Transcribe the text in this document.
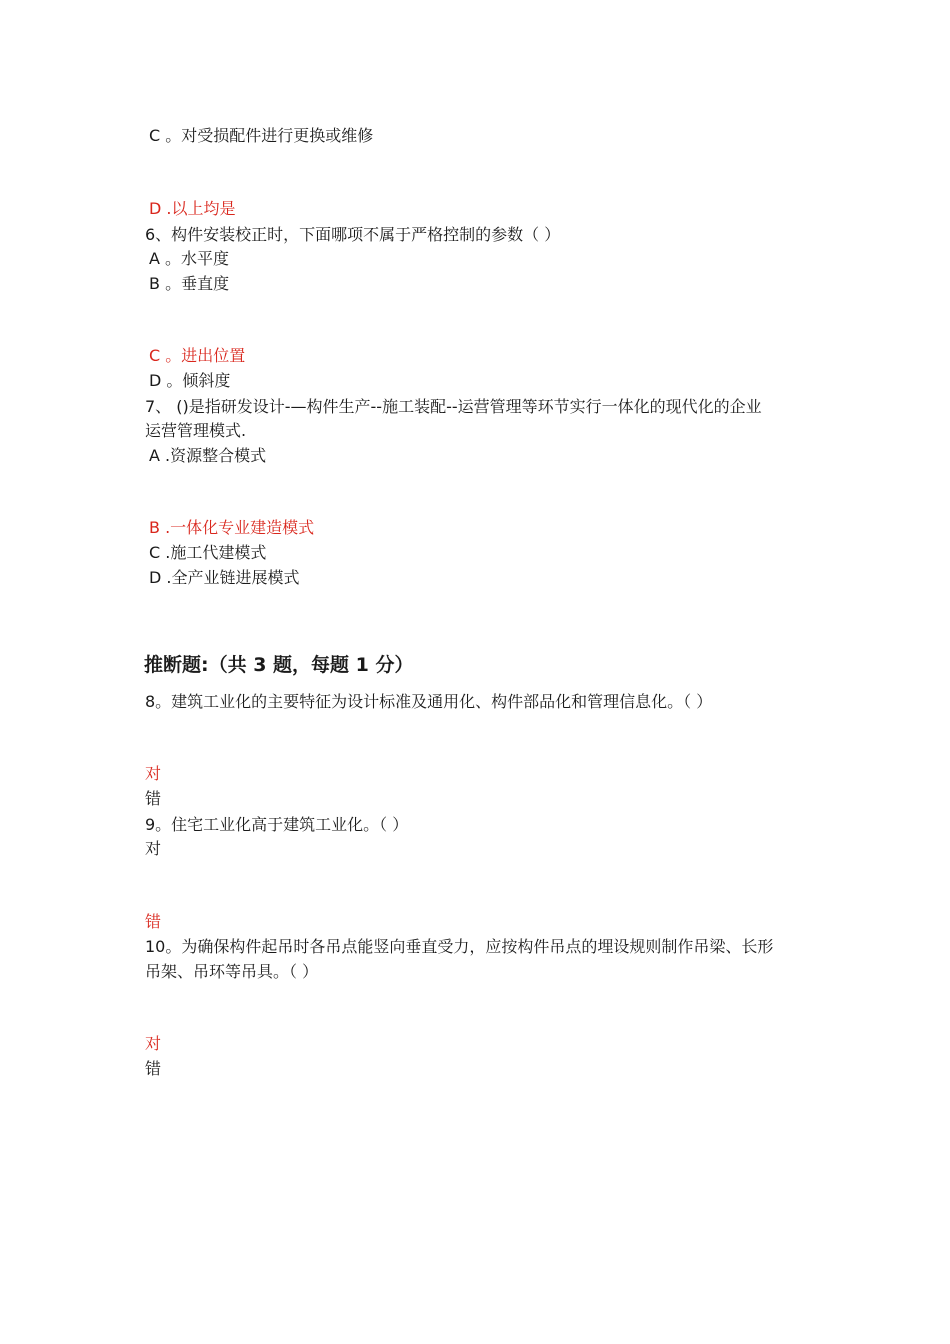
C 。对受损配件进行更换或维修
D .以上均是
6、构件安装校正时，下面哪项不属于严格控制的参数（ ）
A 。水平度
B 。垂直度
C 。进出位置
D 。倾斜度
7、 ()是指研发设计-—构件生产--施工装配--运营管理等环节实行一体化的现代化的企业
运营管理模式.
A .资源整合模式
B .一体化专业建造模式
C .施工代建模式
D .全产业链进展模式
推断题:（共 3 题，每题 1 分）
8。建筑工业化的主要特征为设计标准及通用化、构件部品化和管理信息化。（ ）
对
错
9。住宅工业化高于建筑工业化。（ ）
对
错
10。为确保构件起吊时各吊点能竖向垂直受力，应按构件吊点的埋设规则制作吊梁、长形
吊架、吊环等吊具。（ ）
对
错
